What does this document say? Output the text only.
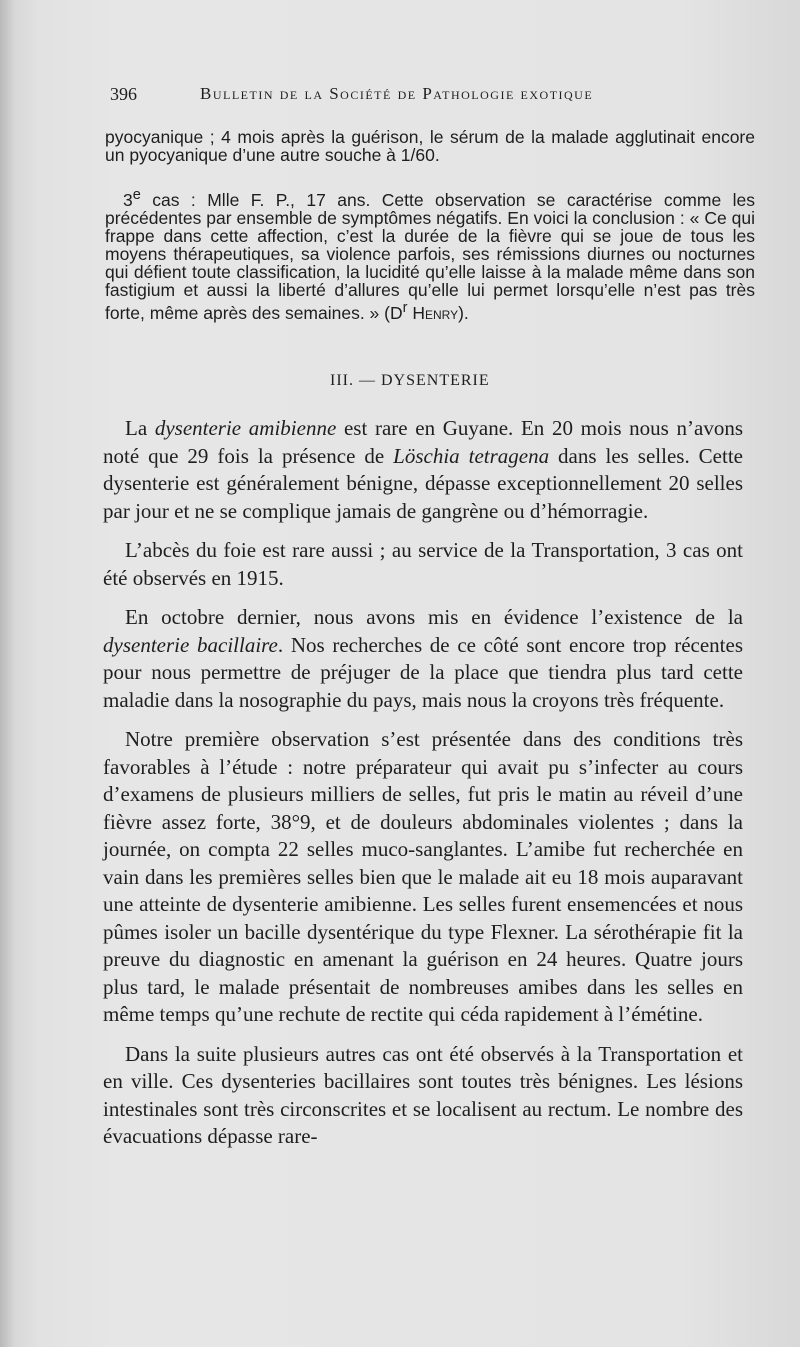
396	Bulletin de la Société de Pathologie exotique

pyocyanique ; 4 mois après la guérison, le sérum de la malade agglutinait encore un pyocyanique d’une autre souche à 1/60.

3e cas : Mlle F. P., 17 ans. Cette observation se caractérise comme les précédentes par ensemble de symptômes négatifs. En voici la conclusion : « Ce qui frappe dans cette affection, c’est la durée de la fièvre qui se joue de tous les moyens thérapeutiques, sa violence parfois, ses rémissions diurnes ou nocturnes qui défient toute classification, la lucidité qu’elle laisse à la malade même dans son fastigium et aussi la liberté d’allures qu’elle lui permet lorsqu’elle n’est pas très forte, même après des semaines. » ($D^r$ Henry).

III. — DYSENTERIE

La dysenterie amibienne est rare en Guyane. En 20 mois nous n’avons noté que 29 fois la présence de Löschia tetragena dans les selles. Cette dysenterie est généralement bénigne, dépasse exceptionnellement 20 selles par jour et ne se complique jamais de gangrène ou d’hémorragie.

L’abcès du foie est rare aussi ; au service de la Transportation, 3 cas ont été observés en 1915.

En octobre dernier, nous avons mis en évidence l’existence de la dysenterie bacillaire. Nos recherches de ce côté sont encore trop récentes pour nous permettre de préjuger de la place que tiendra plus tard cette maladie dans la nosographie du pays, mais nous la croyons très fréquente.

Notre première observation s’est présentée dans des conditions très favorables à l’étude : notre préparateur qui avait pu s’infecter au cours d’examens de plusieurs milliers de selles, fut pris le matin au réveil d’une fièvre assez forte, 38°9, et de douleurs abdominales violentes ; dans la journée, on compta 22 selles muco-sanglantes. L’amibe fut recherchée en vain dans les premières selles bien que le malade ait eu 18 mois auparavant une atteinte de dysenterie amibienne. Les selles furent ensemencées et nous pûmes isoler un bacille dysentérique du type Flexner. La sérothérapie fit la preuve du diagnostic en amenant la guérison en 24 heures. Quatre jours plus tard, le malade présentait de nombreuses amibes dans les selles en même temps qu’une rechute de rectite qui céda rapidement à l’émétine.

Dans la suite plusieurs autres cas ont été observés à la Transportation et en ville. Ces dysenteries bacillaires sont toutes très bénignes. Les lésions intestinales sont très circonscrites et se localisent au rectum. Le nombre des évacuations dépasse rare-
